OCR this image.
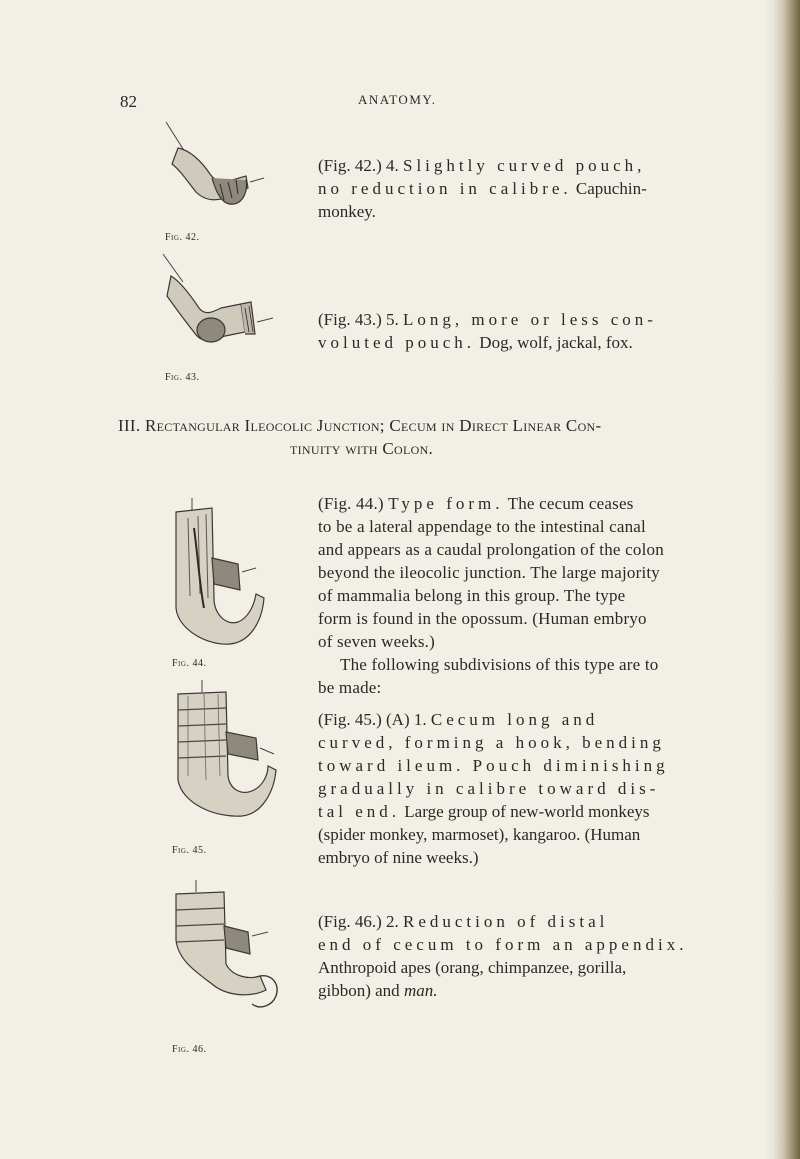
82	ANATOMY.
Fig. 42.
Fig. 43.
(Fig. 42.) 4. Slightly curved pouch,
no reduction in calibre. Capuchin-
monkey.
(Fig. 43.) 5. Long, more or less con-
voluted pouch. Dog, wolf, jackal, fox.
III. Rectangular Ileocolic Junction; Cecum in Direct Linear Con-
tinuity with Colon.
Fig. 44.
(Fig. 44.) Type form. The cecum ceases
to be a lateral appendage to the intestinal canal
and appears as a caudal prolongation of the colon
beyond the ileocolic junction. The large majority
of mammalia belong in this group. The type
form is found in the opossum. (Human embryo
of seven weeks.)
The following subdivisions of this type are to
be made:
Fig. 45.
(Fig. 45.) (A) 1. Cecum long and
curved, forming a hook, bending
toward ileum. Pouch diminishing
gradually in calibre toward dis-
tal end. Large group of new-world monkeys
(spider monkey, marmoset), kangaroo. (Human
embryo of nine weeks.)
Fig. 46.
(Fig. 46.) 2. Reduction of distal
end of cecum to form an appendix.
Anthropoid apes (orang, chimpanzee, gorilla,
gibbon) and man.
